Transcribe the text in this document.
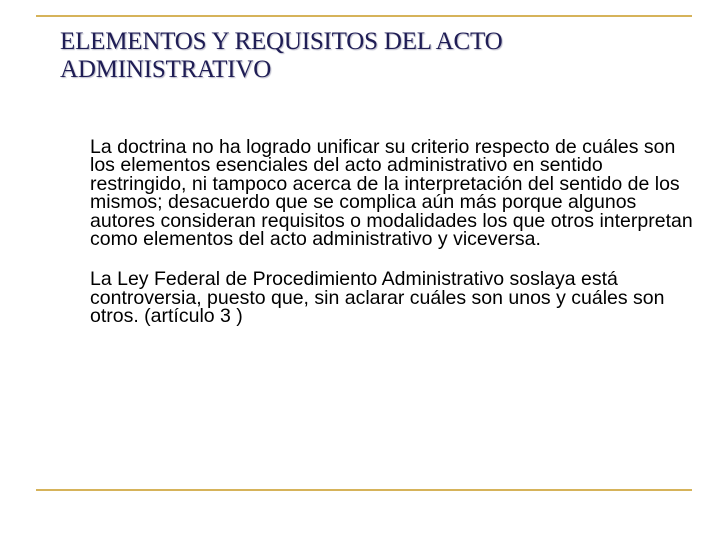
ELEMENTOS Y REQUISITOS DEL ACTO
ADMINISTRATIVO

La doctrina no ha logrado unificar su criterio respecto de cuáles son los elementos esenciales del acto administrativo en sentido restringido, ni tampoco acerca de la interpretación del sentido de los mismos; desacuerdo que se complica aún más porque algunos autores consideran requisitos o modalidades los que otros interpretan como elementos del acto administrativo y viceversa.

La Ley Federal de Procedimiento Administrativo soslaya está controversia, puesto que, sin aclarar cuáles son unos y cuáles son otros. (artículo 3 )
